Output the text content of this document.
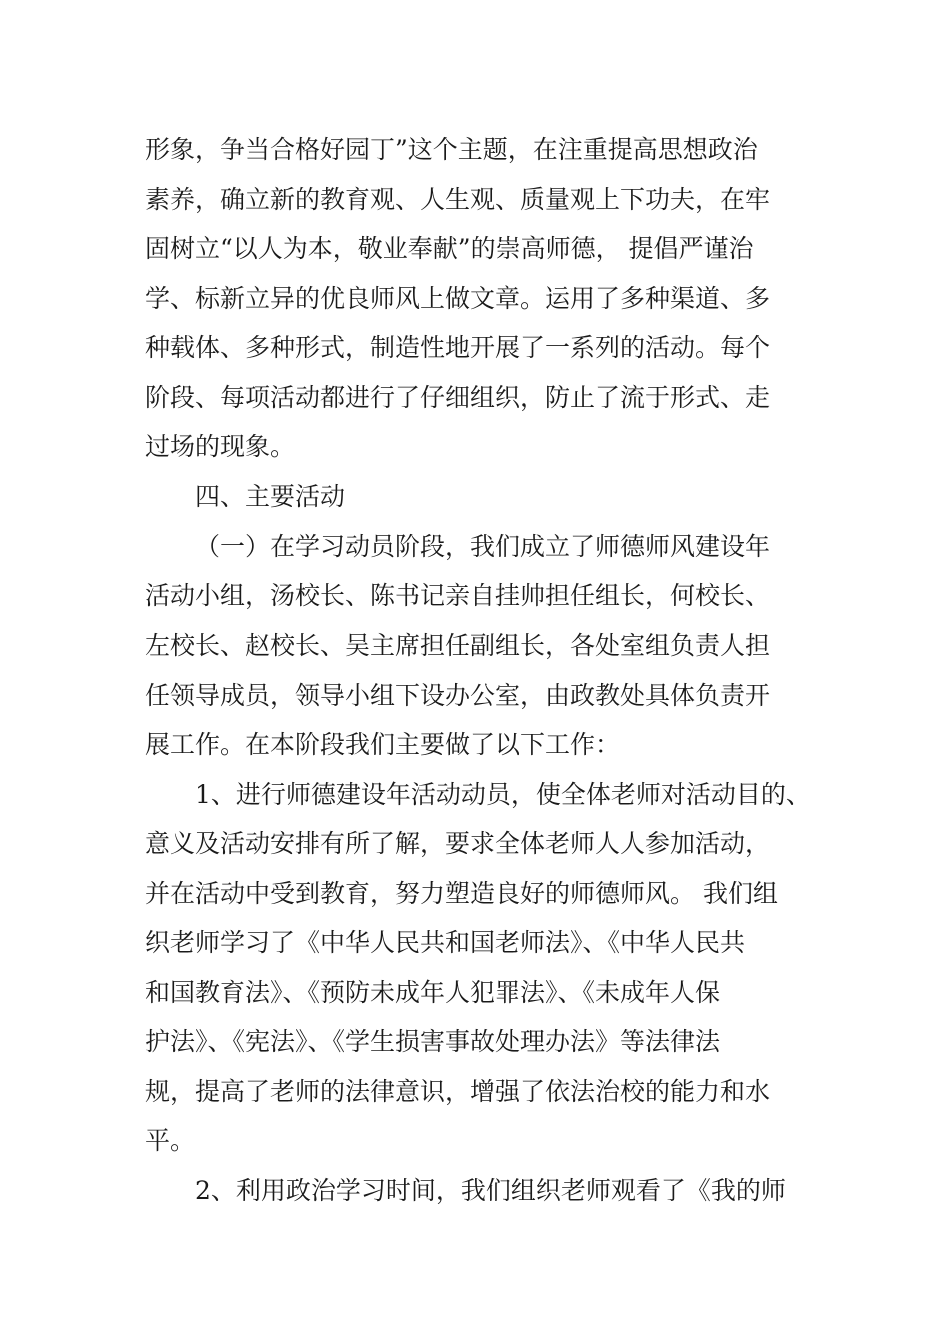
形象，争当合格好园丁”这个主题，在注重提高思想政治
素养，确立新的教育观、人生观、质量观上下功夫，在牢
固树立“以人为本，敬业奉献”的崇高师德， 提倡严谨治
学、标新立异的优良师风上做文章。运用了多种渠道、多
种载体、多种形式，制造性地开展了一系列的活动。每个
阶段、每项活动都进行了仔细组织，防止了流于形式、走
过场的现象。
四、主要活动
（一）在学习动员阶段，我们成立了师德师风建设年
活动小组，汤校长、陈书记亲自挂帅担任组长，何校长、
左校长、赵校长、吴主席担任副组长，各处室组负责人担
任领导成员，领导小组下设办公室，由政教处具体负责开
展工作。在本阶段我们主要做了以下工作：
1、进行师德建设年活动动员，使全体老师对活动目的、
意义及活动安排有所了解，要求全体老师人人参加活动，
并在活动中受到教育，努力塑造良好的师德师风。 我们组
织老师学习了《中华人民共和国老师法》、《中华人民共
和国教育法》、《预防未成年人犯罪法》、《未成年人保
护法》、《宪法》、《学生损害事故处理办法》等法律法
规，提高了老师的法律意识，增强了依法治校的能力和水
平。
2、利用政治学习时间，我们组织老师观看了《我的师
